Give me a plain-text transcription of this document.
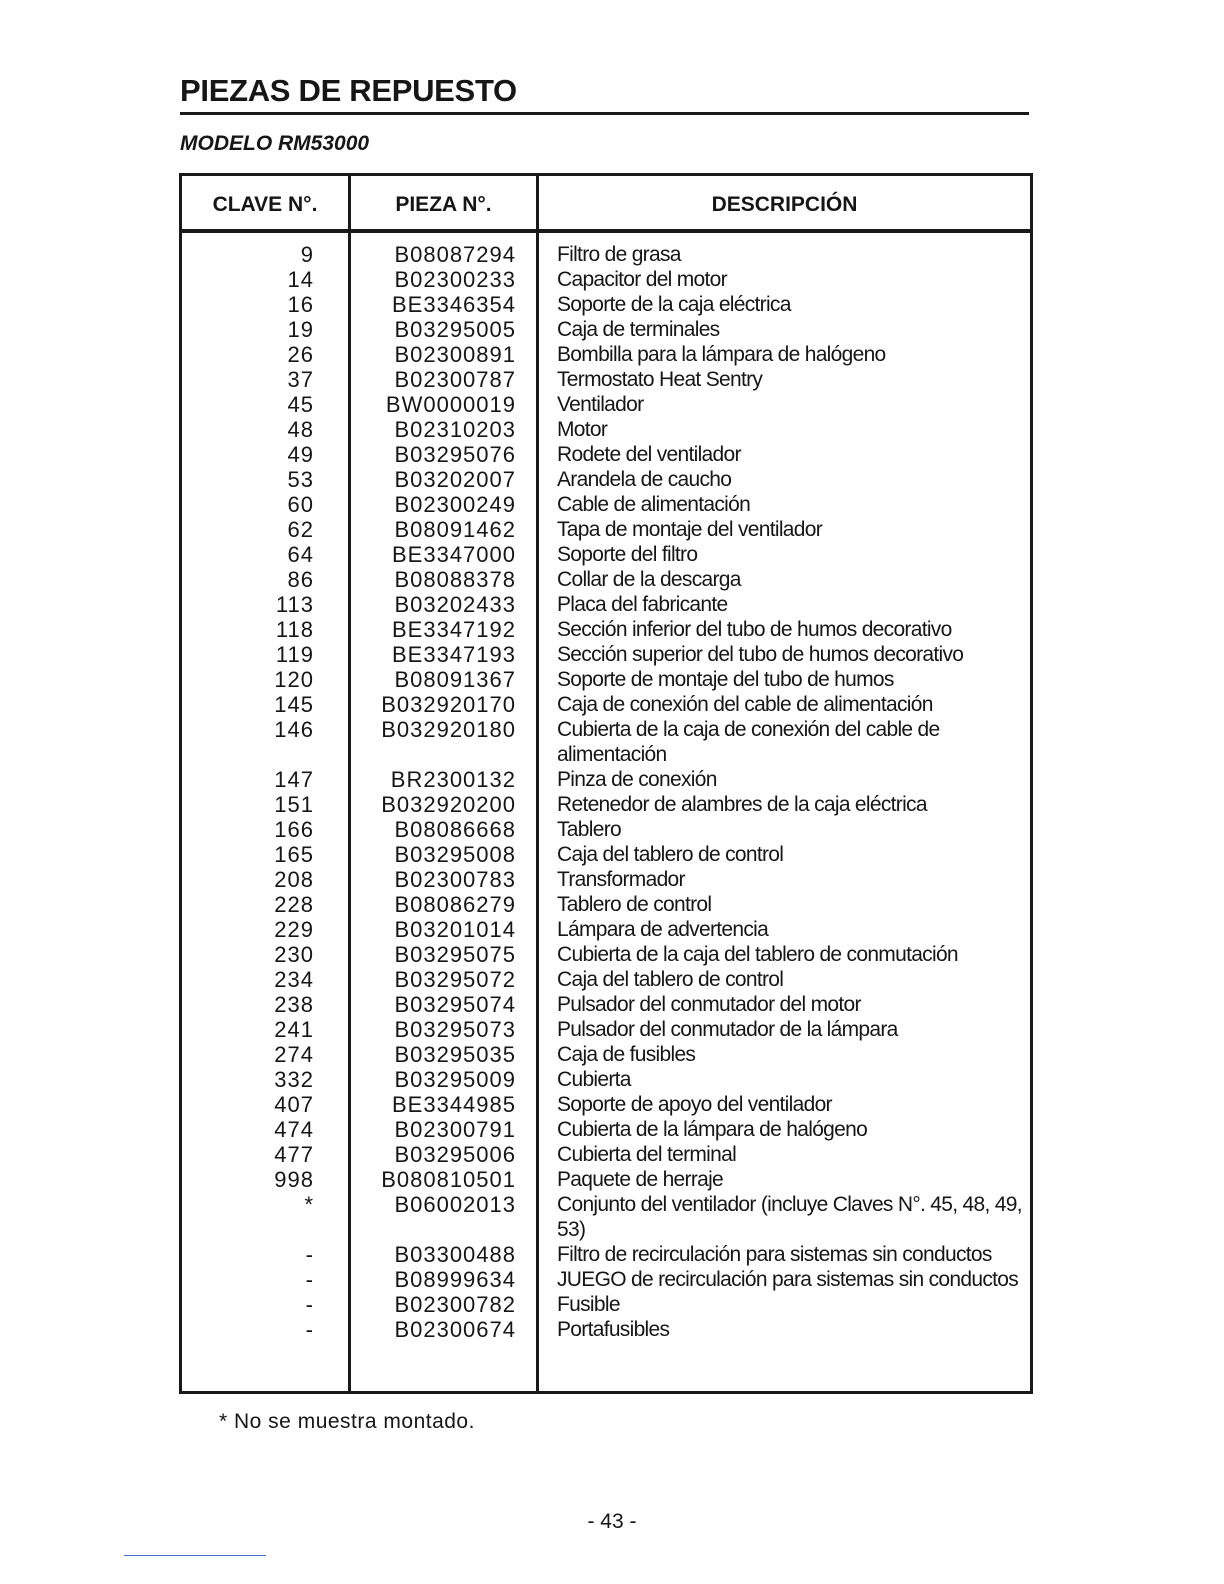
PIEZAS DE REPUESTO
MODELO RM53000
CLAVE N°.	PIEZA N°.	DESCRIPCIÓN
9	B08087294 Filtro de grasa
14	B02300233 Capacitor del motor
16	BE3346354 Soporte de la caja eléctrica
19	B03295005 Caja de terminales
26	B02300891 Bombilla para la lámpara de halógeno
37	B02300787 Termostato Heat Sentry
45	BW0000019 Ventilador
48	B02310203 Motor
49	B03295076 Rodete del ventilador
53	B03202007 Arandela de caucho
60	B02300249 Cable de alimentación
62	B08091462 Tapa de montaje del ventilador
64	BE3347000 Soporte del filtro
86	B08088378 Collar de la descarga
113	B03202433 Placa del fabricante
118	BE3347192 Sección inferior del tubo de humos decorativo
119	BE3347193 Sección superior del tubo de humos decorativo
120	B08091367 Soporte de montaje del tubo de humos
145	B032920170 Caja de conexión del cable de alimentación
146	B032920180 Cubierta de la caja de conexión del cable de alimentación
147	BR2300132 Pinza de conexión
151	B032920200 Retenedor de alambres de la caja eléctrica
166	B08086668 Tablero
165	B03295008 Caja del tablero de control
208	B02300783 Transformador
228	B08086279 Tablero de control
229	B03201014 Lámpara de advertencia
230	B03295075 Cubierta de la caja del tablero de conmutación
234	B03295072 Caja del tablero de control
238	B03295074 Pulsador del conmutador del motor
241	B03295073 Pulsador del conmutador de la lámpara
274	B03295035 Caja de fusibles
332	B03295009 Cubierta
407	BE3344985 Soporte de apoyo del ventilador
474	B02300791 Cubierta de la lámpara de halógeno
477	B03295006 Cubierta del terminal
998	B080810501 Paquete de herraje
*	B06002013 Conjunto del ventilador (incluye Claves N°. 45, 48, 49, 53)
-	B03300488 Filtro de recirculación para sistemas sin conductos
-	B08999634 JUEGO de recirculación para sistemas sin conductos
-	B02300782 Fusible
-	B02300674 Portafusibles
* No se muestra montado.
- 43 -
